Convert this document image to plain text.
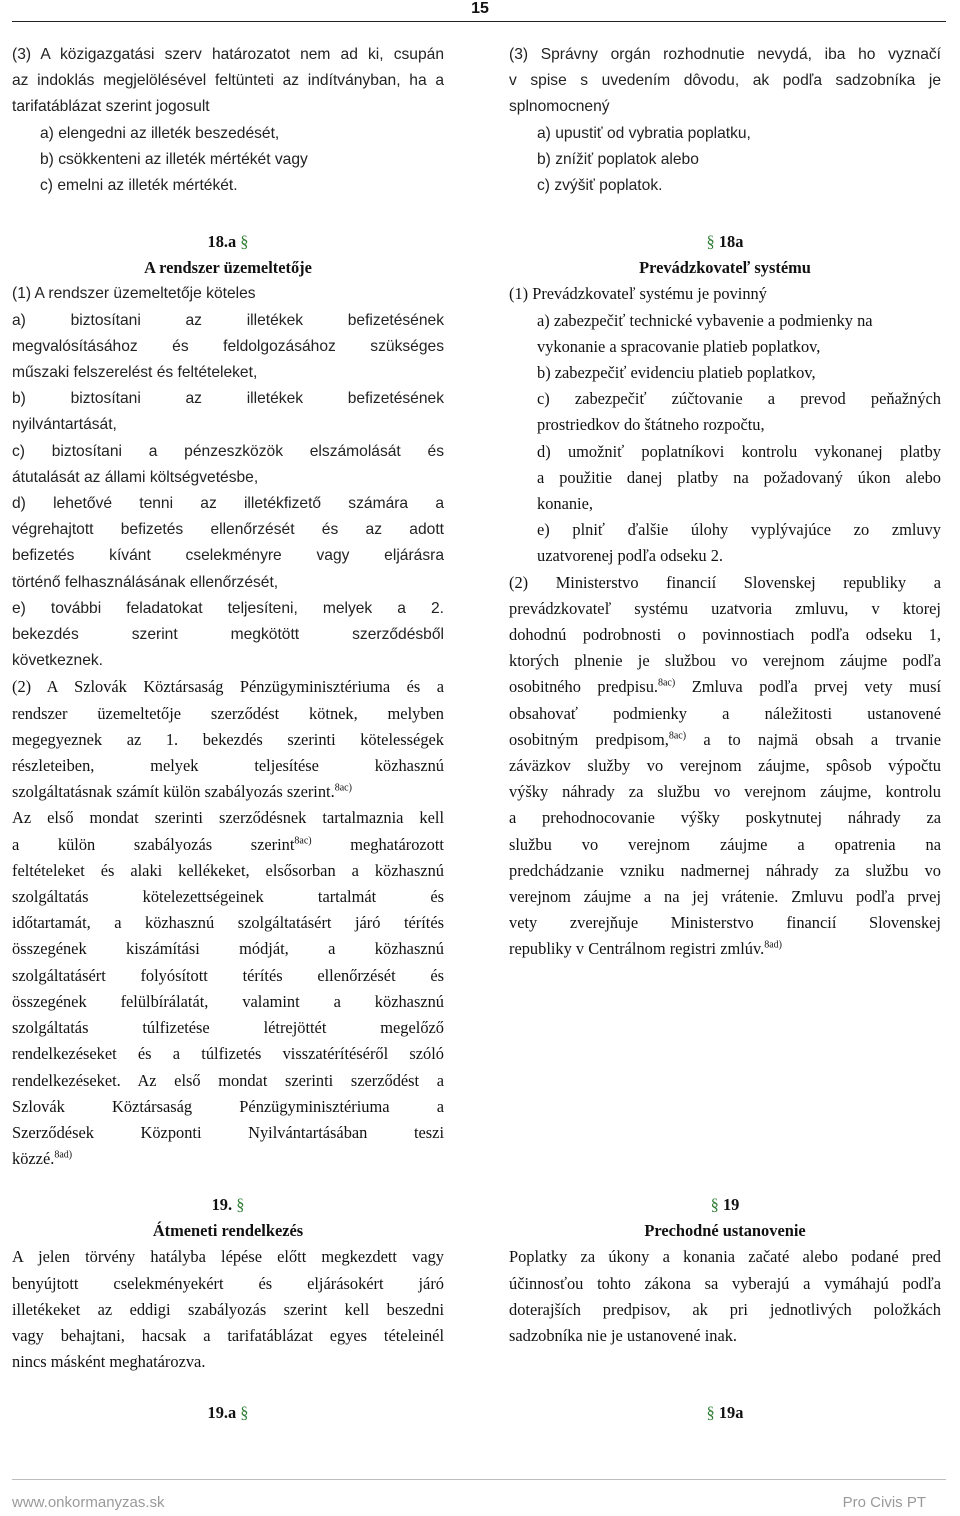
15

(3) A közigazgatási szerv határozatot nem ad ki, csupán

az indoklás megjelölésével feltünteti az indítványban, ha a

tarifatáblázat szerint jogosult

a) elengedni az illeték beszedését,

b) csökkenteni az illeték mértékét vagy

c) emelni az illeték mértékét.

18.a §

A rendszer üzemeltetője

(1) A rendszer üzemeltetője köteles

a) biztosítani az illetékek befizetésének

megvalósításához és feldolgozásához szükséges

műszaki felszerelést és feltételeket,

b) biztosítani az illetékek befizetésének

nyilvántartását,

c) biztosítani a pénzeszközök elszámolását és

átutalását az állami költségvetésbe,

d) lehetővé tenni az illetékfizető számára a

végrehajtott befizetés ellenőrzését és az adott

befizetés kívánt cselekményre vagy eljárásra

történő felhasználásának ellenőrzését,

e) további feladatokat teljesíteni, melyek a 2.

bekezdés szerint megkötött szerződésből

következnek.

(2) A Szlovák Köztársaság Pénzügyminisztériuma és a

rendszer üzemeltetője szerződést kötnek, melyben

megegyeznek az 1. bekezdés szerinti kötelességek

részleteiben, melyek teljesítése közhasznú

szolgáltatásnak számít külön szabályozás szerint.$^{8ac)}$

Az első mondat szerinti szerződésnek tartalmaznia kell

a külön szabályozás szerint$^{8ac)}$ meghatározott

feltételeket és alaki kellékeket, elsősorban a közhasznú

szolgáltatás kötelezettségeinek tartalmát és

időtartamát, a közhasznú szolgáltatásért járó térítés

összegének kiszámítási módját, a közhasznú

szolgáltatásért folyósított térítés ellenőrzését és

összegének felülbírálatát, valamint a közhasznú

szolgáltatás túlfizetése létrejöttét megelőző

rendelkezéseket és a túlfizetés visszatérítéséről szóló

rendelkezéseket. Az első mondat szerinti szerződést a

Szlovák Köztársaság Pénzügyminisztériuma a

Szerződések Központi Nyilvántartásában teszi

közzé.$^{8ad)}$

19. §

Átmeneti rendelkezés

A jelen törvény hatályba lépése előtt megkezdett vagy

benyújtott cselekményekért és eljárásokért járó

illetékeket az eddigi szabályozás szerint kell beszedni

vagy behajtani, hacsak a tarifatáblázat egyes tételeinél

nincs másként meghatározva.

19.a §

(3) Správny orgán rozhodnutie nevydá, iba ho vyznačí

v spise s uvedením dôvodu, ak podľa sadzobníka je

splnomocnený

a) upustiť od vybratia poplatku,

b) znížiť poplatok alebo

c) zvýšiť poplatok.

§ 18a

Prevádzkovateľ systému

(1) Prevádzkovateľ systému je povinný

a) zabezpečiť technické vybavenie a podmienky na

vykonanie a spracovanie platieb poplatkov,

b) zabezpečiť evidenciu platieb poplatkov,

c) zabezpečiť zúčtovanie a prevod peňažných

prostriedkov do štátneho rozpočtu,

d) umožniť poplatníkovi kontrolu vykonanej platby

a použitie danej platby na požadovaný úkon alebo

konanie,

e) plniť ďalšie úlohy vyplývajúce zo zmluvy

uzatvorenej podľa odseku 2.

(2) Ministerstvo financií Slovenskej republiky a

prevádzkovateľ systému uzatvoria zmluvu, v ktorej

dohodnú podrobnosti o povinnostiach podľa odseku 1,

ktorých plnenie je službou vo verejnom záujme podľa

osobitného predpisu.$^{8ac)}$ Zmluva podľa prvej vety musí

obsahovať podmienky a náležitosti ustanovené

osobitným predpisom,$^{8ac)}$ a to najmä obsah a trvanie

záväzkov služby vo verejnom záujme, spôsob výpočtu

výšky náhrady za službu vo verejnom záujme, kontrolu

a prehodnocovanie výšky poskytnutej náhrady za

službu vo verejnom záujme a opatrenia na

predchádzanie vzniku nadmernej náhrady za službu vo

verejnom záujme a na jej vrátenie. Zmluvu podľa prvej

vety zverejňuje Ministerstvo financií Slovenskej

republiky v Centrálnom registri zmlúv.$^{8ad)}$

§ 19

Prechodné ustanovenie

Poplatky za úkony a konania začaté alebo podané pred

účinnosťou tohto zákona sa vyberajú a vymáhajú podľa

doterajších predpisov, ak pri jednotlivých položkách

sadzobníka nie je ustanovené inak.

§ 19a

www.onkormanyzas.sk	Pro Civis PT
